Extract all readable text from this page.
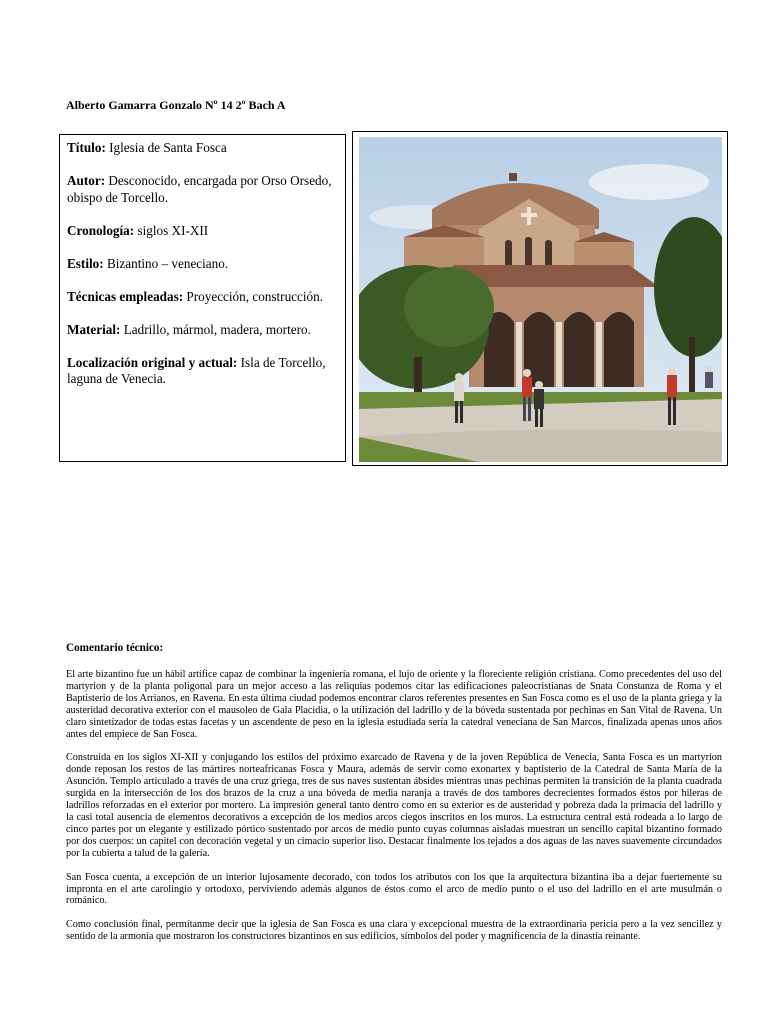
Alberto Gamarra Gonzalo Nº 14 2º Bach A

Título: Iglesia de Santa Fosca

Autor: Desconocido, encargada por Orso Orsedo, obispo de Torcello.

Cronología: siglos XI-XII

Estilo: Bizantino – veneciano.

Técnicas empleadas: Proyección, construcción.

Material: Ladrillo, mármol, madera, mortero.

Localización original y actual: Isla de Torcello, laguna de Venecia.

Comentario técnico:

El arte bizantino fue un hábil artífice capaz de combinar la ingeniería romana, el lujo de oriente y la floreciente religión cristiana. Como precedentes del uso del martyrion y de la planta poligonal para un mejor acceso a las reliquias podemos citar las edificaciones paleocristianas de Snata Constanza de Roma y el Baptisterio de los Arrianos, en Ravena. En esta última ciudad podemos encontrar claros referentes presentes en San Fosca como es el uso de la planta griega y la austeridad decorativa exterior con el mausoleo de Gala Placidia, o la utilización del ladrillo y de la bóveda sustentada por pechinas en San Vital de Ravena. Un claro sintetizador de todas estas facetas y un ascendente de peso en la iglesia estudiada sería la catedral veneciana de San Marcos, finalizada apenas unos años antes del empiece de San Fosca.

Construida en los siglos XI-XII y conjugando los estilos del próximo exarcado de Ravena y de la joven República de Venecia, Santa Fosca es un martyrion donde reposan los restos de las mártires norteafricanas Fosca y Maura, además de servir como exonartex y baptisterio de la Catedral de Santa María de la Asunción. Templo articulado a través de una cruz griega, tres de sus naves sustentan ábsides mientras unas pechinas permiten la transición de la planta cuadrada surgida en la intersección de los dos brazos de la cruz a una bóveda de media naranja a través de dos tambores decrecientes formados éstos por hileras de ladrillos reforzadas en el exterior por mortero. La impresión general tanto dentro como en su exterior es de austeridad y pobreza dada la primacía del ladrillo y la casi total ausencia de elementos decorativos a excepción de los medios arcos ciegos inscritos en los muros. La estructura central está rodeada a lo largo de cinco partes por un elegante y estilizado pórtico sustentado por arcos de medio punto cuyas columnas aisladas muestran un sencillo capital bizantino formado por dos cuerpos: un capitel con decoración vegetal y un cimacio superior liso. Destacar finalmente los tejados a dos aguas de las naves suavemente circundados por la cubierta a talud de la galería.

San Fosca cuenta, a excepción de un interior lujosamente decorado, con todos los atributos con los que la arquitectura bizantina iba a dejar fuertemente su impronta en el arte carolingio y ortodoxo, perviviendo además algunos de éstos como el arco de medio punto o el uso del ladrillo en el arte musulmán o románico.

Como conclusión final, permítanme decir que la iglesia de San Fosca es una clara y excepcional muestra de la extraordinaria pericia pero a la vez sencillez y sentido de la armonía que mostraron los constructores bizantinos en sus edificios, símbolos del poder y magnificencia de la dinastía reinante.
